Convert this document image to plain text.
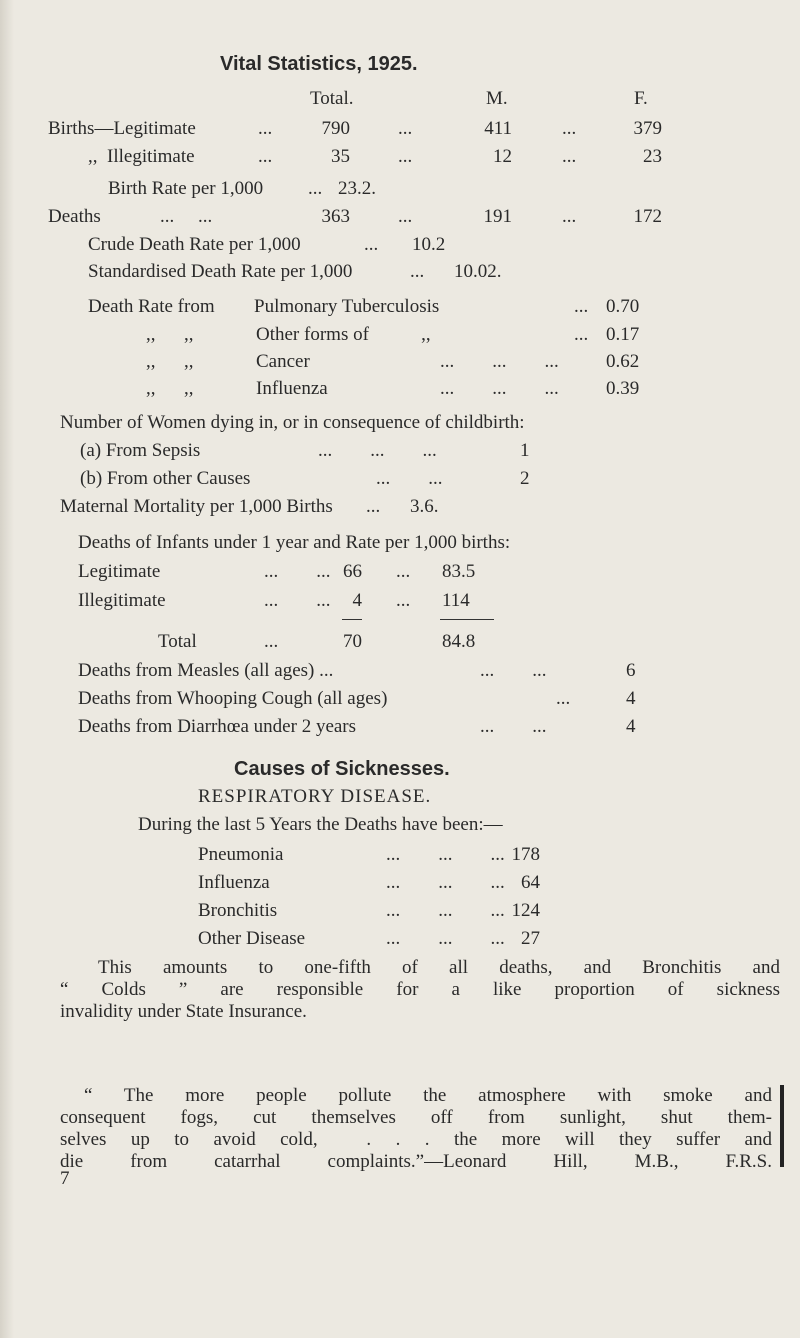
Vital Statistics, 1925.
Total.	M.	F.
Births—Legitimate	...	790	...	411	...	379
,,  Illegitimate	...	35	...	12	...	23
Birth Rate per 1,000 ... 23.2.
Deaths	...     ...	363	...	191	...	172
Crude Death Rate per 1,000	... 10.2
Standardised Death Rate per 1,000	... 10.02.
Death Rate from Pulmonary Tuberculosis	... 0.70
,,      ,,	Other forms of           ,,	... 0.17
,,      ,,	Cancer	...        ...        ... 0.62
,,      ,,	Influenza	...        ...        ... 0.39
Number of Women dying in, or in consequence of childbirth:
(a) From Sepsis	...        ...        ...	1
(b) From other Causes	...        ...	2
Maternal Mortality per 1,000 Births ... 3.6.
Deaths of Infants under 1 year and Rate per 1,000 births:
Legitimate	...        ... 66 ... 83.5
Illegitimate	...        ...	4 ... 114
Total	...	70	84.8
Deaths from Measles (all ages) ...	...        ...	6
Deaths from Whooping Cough (all ages)	...	4
Deaths from Diarrhœa under 2 years	...        ...	4
Causes of Sicknesses.
RESPIRATORY DISEASE.
During the last 5 Years the Deaths have been:—
Pneumonia	...        ...        ... 178
Influenza	...        ...        ... 64
Bronchitis	...        ...        ... 124
Other Disease	...        ...        ... 27
This amounts to one-fifth of all deaths, and Bronchitis and
“ Colds ” are responsible for a like proportion of sickness
invalidity under State Insurance.
“ The more people pollute the atmosphere with smoke and
consequent fogs, cut themselves off from sunlight, shut them-
selves up to avoid cold,  . . . the more will they suffer and
die from catarrhal complaints.”—Leonard Hill, M.B., F.R.S.
7
